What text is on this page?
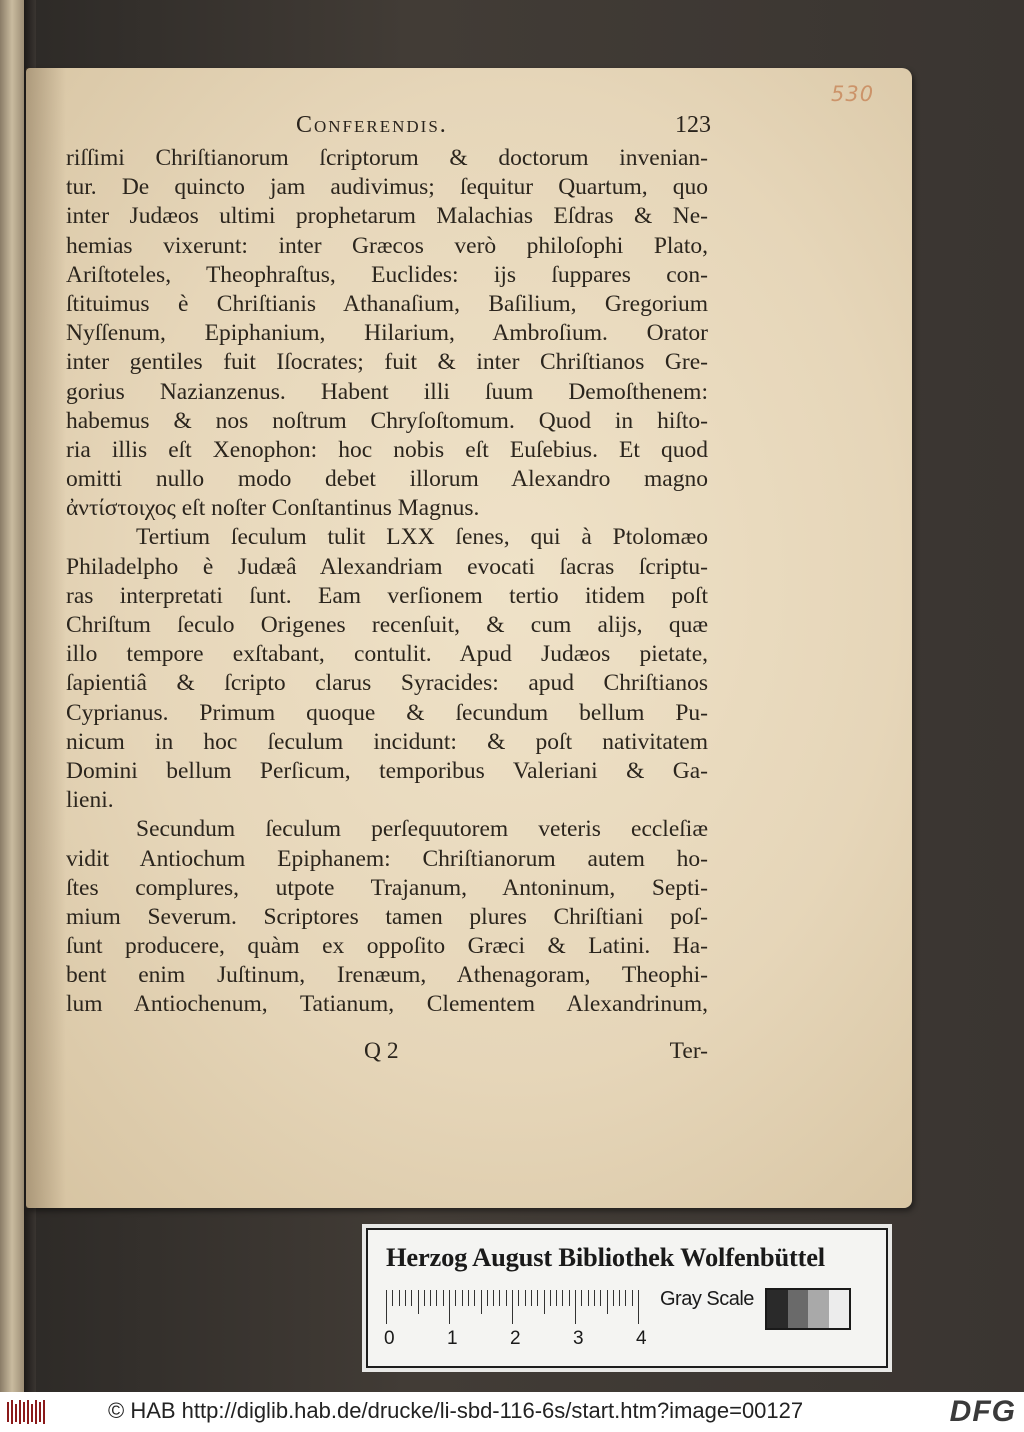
530
Conferendis.	123
riſſimi Chriſtianorum ſcriptorum & doctorum invenian-
tur. De quincto jam audivimus; ſequitur Quartum, quo
inter Judæos ultimi prophetarum Malachias Eſdras & Ne-
hemias vixerunt: inter Græcos verò philoſophi Plato,
Ariſtoteles, Theophraſtus, Euclides: ijs ſuppares con-
ſtituimus è Chriſtianis Athanaſium, Baſilium, Gregorium
Nyſſenum, Epiphanium, Hilarium, Ambroſium. Orator
inter gentiles fuit Iſocrates; fuit & inter Chriſtianos Gre-
gorius Nazianzenus. Habent illi ſuum Demoſthenem:
habemus & nos noſtrum Chryſoſtomum. Quod in hiſto-
ria illis eſt Xenophon: hoc nobis eſt Euſebius. Et quod
omitti nullo modo debet illorum Alexandro magno
ἀντίστοιχος eſt noſter Conſtantinus Magnus.
Tertium ſeculum tulit LXX ſenes, qui à Ptolomæo
Philadelpho è Judæâ Alexandriam evocati ſacras ſcriptu-
ras interpretati ſunt. Eam verſionem tertio itidem poſt
Chriſtum ſeculo Origenes recenſuit, & cum alijs, quæ
illo tempore exſtabant, contulit. Apud Judæos pietate,
ſapientiâ & ſcripto clarus Syracides: apud Chriſtianos
Cyprianus. Primum quoque & ſecundum bellum Pu-
nicum in hoc ſeculum incidunt: & poſt nativitatem
Domini bellum Perſicum, temporibus Valeriani & Ga-
lieni.
Secundum ſeculum perſequutorem veteris eccleſiæ
vidit Antiochum Epiphanem: Chriſtianorum autem ho-
ſtes complures, utpote Trajanum, Antoninum, Septi-
mium Severum. Scriptores tamen plures Chriſtiani poſ-
ſunt producere, quàm ex oppoſito Græci & Latini. Ha-
bent enim Juſtinum, Irenæum, Athenagoram, Theophi-
lum Antiochenum, Tatianum, Clementem Alexandrinum,
Q 2	Ter-
Herzog August Bibliothek Wolfenbüttel
0	1	2	3	4
Gray Scale
© HAB http://diglib.hab.de/drucke/li-sbd-116-6s/start.htm?image=00127	DFG
